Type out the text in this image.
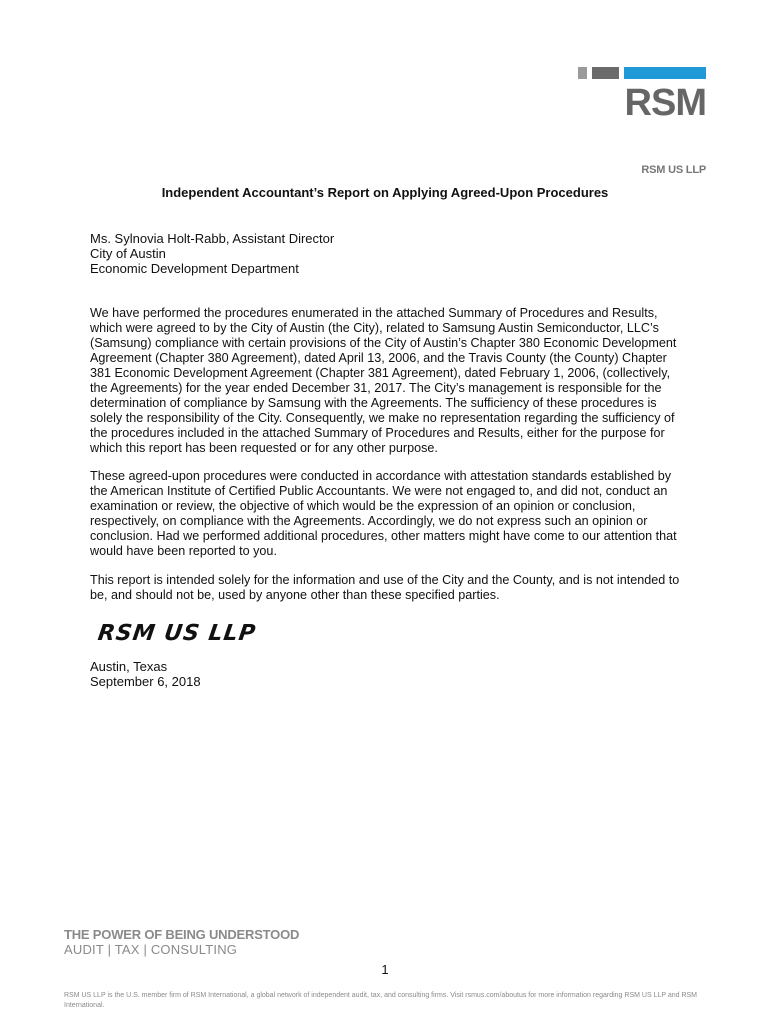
RSM
RSM US LLP
Independent Accountant’s Report on Applying Agreed-Upon Procedures
Ms. Sylnovia Holt-Rabb, Assistant Director
City of Austin
Economic Development Department
We have performed the procedures enumerated in the attached Summary of Procedures and Results, which were agreed to by the City of Austin (the City), related to Samsung Austin Semiconductor, LLC’s (Samsung) compliance with certain provisions of the City of Austin’s Chapter 380 Economic Development Agreement (Chapter 380 Agreement), dated April 13, 2006, and the Travis County (the County) Chapter 381 Economic Development Agreement (Chapter 381 Agreement), dated February 1, 2006, (collectively, the Agreements) for the year ended December 31, 2017. The City’s management is responsible for the determination of compliance by Samsung with the Agreements. The sufficiency of these procedures is solely the responsibility of the City. Consequently, we make no representation regarding the sufficiency of the procedures included in the attached Summary of Procedures and Results, either for the purpose for which this report has been requested or for any other purpose.
These agreed-upon procedures were conducted in accordance with attestation standards established by the American Institute of Certified Public Accountants. We were not engaged to, and did not, conduct an examination or review, the objective of which would be the expression of an opinion or conclusion, respectively, on compliance with the Agreements. Accordingly, we do not express such an opinion or conclusion. Had we performed additional procedures, other matters might have come to our attention that would have been reported to you.
This report is intended solely for the information and use of the City and the County, and is not intended to be, and should not be, used by anyone other than these specified parties.
RSM US LLP
Austin, Texas
September 6, 2018
THE POWER OF BEING UNDERSTOOD
AUDIT | TAX | CONSULTING
1
RSM US LLP is the U.S. member firm of RSM International, a global network of independent audit, tax, and consulting firms. Visit rsmus.com/aboutus for more information regarding RSM US LLP and RSM International.
